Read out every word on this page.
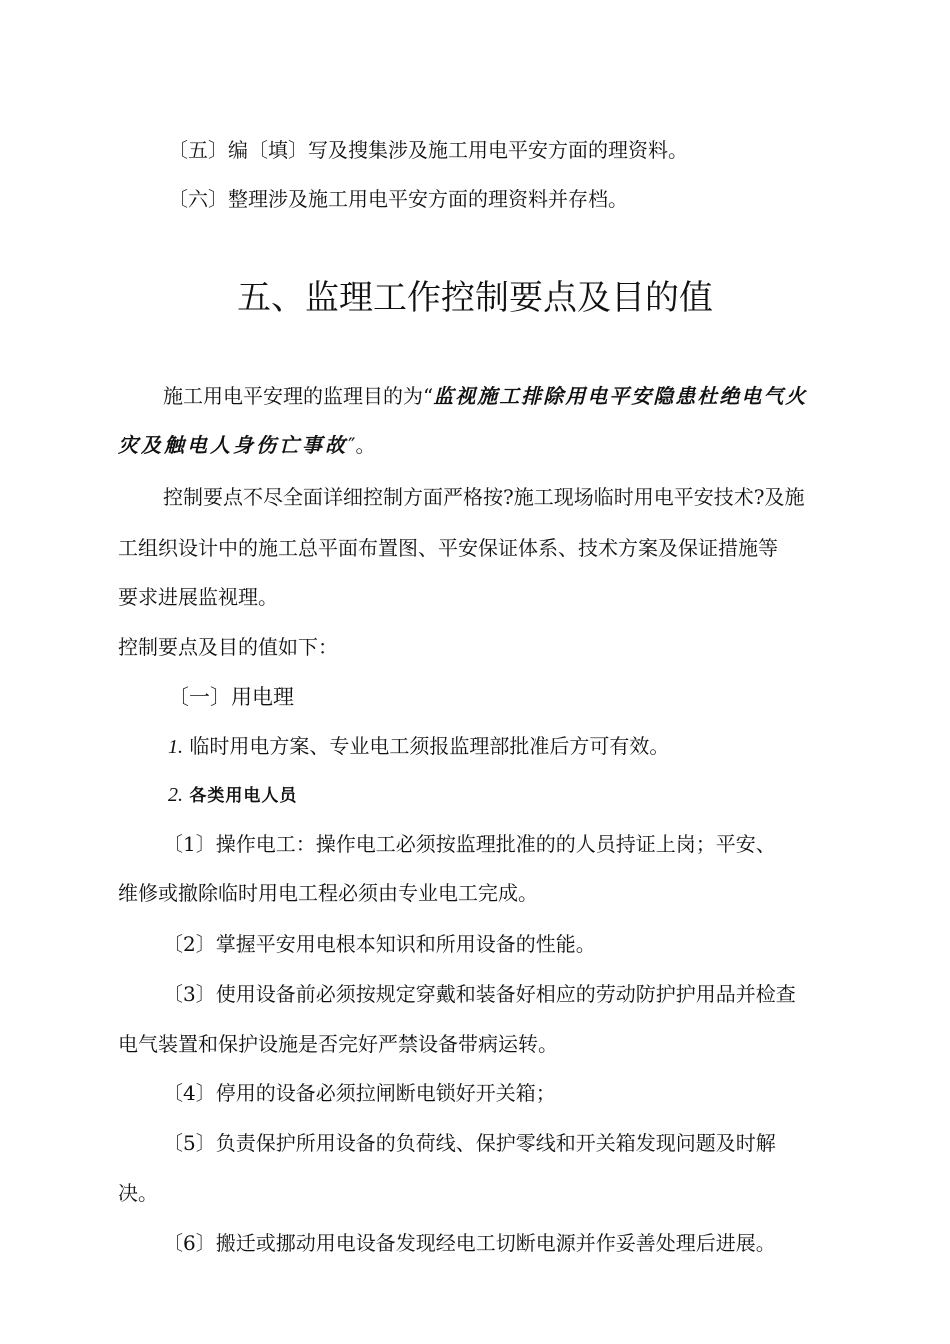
〔五〕编〔填〕写及搜集涉及施工用电平安方面的理资料。
〔六〕整理涉及施工用电平安方面的理资料并存档。
五、监理工作控制要点及目的值
施工用电平安理的监理目的为“监视施工排除用电平安隐患杜绝电气火
灾及触电人身伤亡事故″。
控制要点不尽全面详细控制方面严格按?施工现场临时用电平安技术?及施
工组织设计中的施工总平面布置图、平安保证体系、技术方案及保证措施等
要求进展监视理。
控制要点及目的值如下：
〔一〕用电理
1. 临时用电方案、专业电工须报监理部批准后方可有效。
2. 各类用电人员
〔1〕操作电工：操作电工必须按监理批准的的人员持证上岗；平安、
维修或撤除临时用电工程必须由专业电工完成。
〔2〕掌握平安用电根本知识和所用设备的性能。
〔3〕使用设备前必须按规定穿戴和装备好相应的劳动防护护用品并检查
电气装置和保护设施是否完好严禁设备带病运转。
〔4〕停用的设备必须拉闸断电锁好开关箱；
〔5〕负责保护所用设备的负荷线、保护零线和开关箱发现问题及时解
决。
〔6〕搬迁或挪动用电设备发现经电工切断电源并作妥善处理后进展。
